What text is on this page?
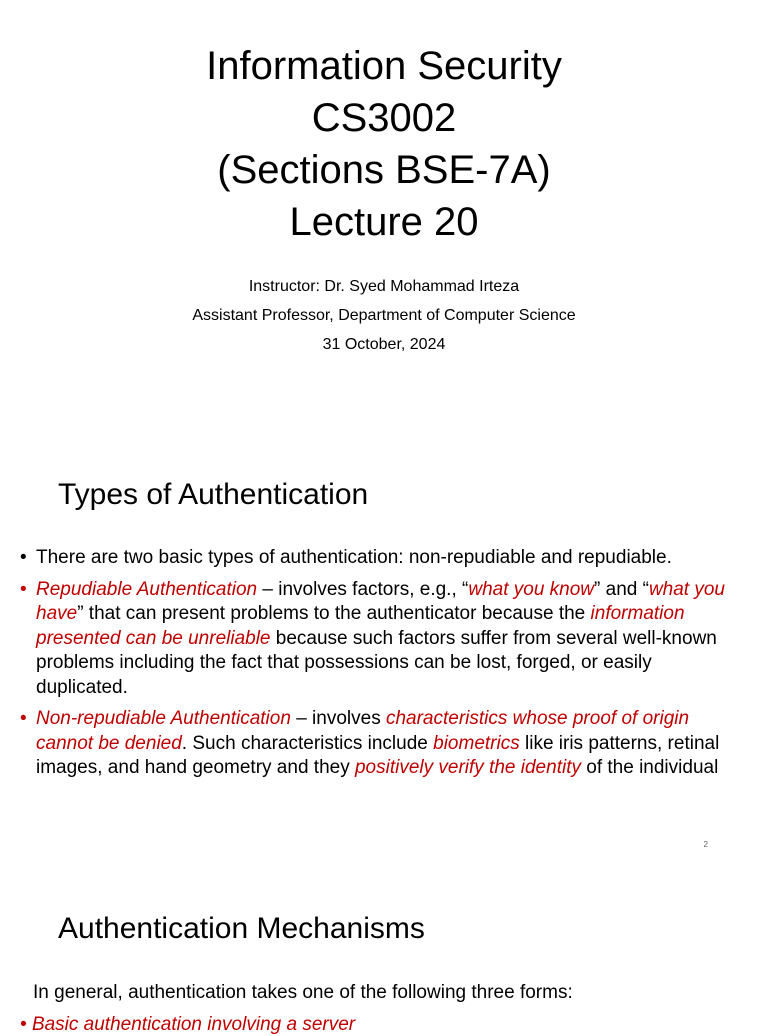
Information Security
CS3002
(Sections BSE-7A)
Lecture 20

Instructor: Dr. Syed Mohammad Irteza

Assistant Professor, Department of Computer Science

31 October, 2024

Types of Authentication
• There are two basic types of authentication: non-repudiable and repudiable.
• Repudiable Authentication – involves factors, e.g., “what you know” and “what you have” that can present problems to the authenticator because the information presented can be unreliable because such factors suffer from several well-known problems including the fact that possessions can be lost, forged, or easily duplicated.
• Non-repudiable Authentication – involves characteristics whose proof of origin cannot be denied. Such characteristics include biometrics like iris patterns, retinal images, and hand geometry and they positively verify the identity of the individual
2
Authentication Mechanisms

In general, authentication takes one of the following three forms:

• Basic authentication involving a server
